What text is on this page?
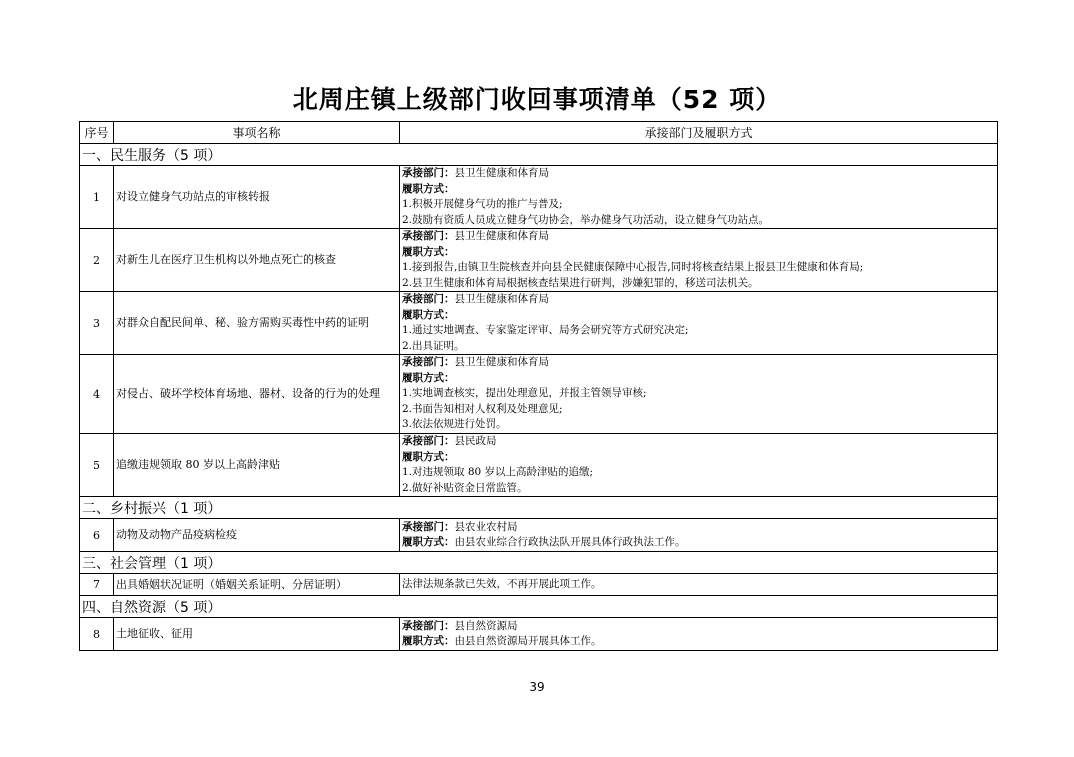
北周庄镇上级部门收回事项清单（52 项）
序号	事项名称	承接部门及履职方式
一、民生服务（5 项）		
1	对设立健身气功站点的审核转报	承接部门：县卫生健康和体育局
履职方式：
1.积极开展健身气功的推广与普及;
2.鼓励有资质人员成立健身气功协会，举办健身气功活动，设立健身气功站点。

2	对新生儿在医疗卫生机构以外地点死亡的核查	承接部门：县卫生健康和体育局
履职方式：
1.接到报告,由镇卫生院核查并向县全民健康保障中心报告,同时将核查结果上报县卫生健康和体育局;
2.县卫生健康和体育局根据核查结果进行研判，涉嫌犯罪的，移送司法机关。

3	对群众自配民间单、秘、验方需购买毒性中药的证明	承接部门：县卫生健康和体育局
履职方式：
1.通过实地调查、专家鉴定评审、局务会研究等方式研究决定;
2.出具证明。

4	对侵占、破坏学校体育场地、器材、设备的行为的处理	承接部门：县卫生健康和体育局
履职方式：
1.实地调查核实，提出处理意见，并报主管领导审核;
2.书面告知相对人权利及处理意见;
3.依法依规进行处罚。

5	追缴违规领取 80 岁以上高龄津贴	承接部门：县民政局
履职方式：
1.对违规领取 80 岁以上高龄津贴的追缴;
2.做好补贴资金日常监管。

二、乡村振兴（1 项）		
6	动物及动物产品疫病检疫	承接部门：县农业农村局
履职方式：由县农业综合行政执法队开展具体行政执法工作。

三、社会管理（1 项）		
7	出具婚姻状况证明（婚姻关系证明、分居证明）	法律法规条款已失效，不再开展此项工作。
四、自然资源（5 项）		
8	土地征收、征用	承接部门：县自然资源局
履职方式：由县自然资源局开展具体工作。
39
